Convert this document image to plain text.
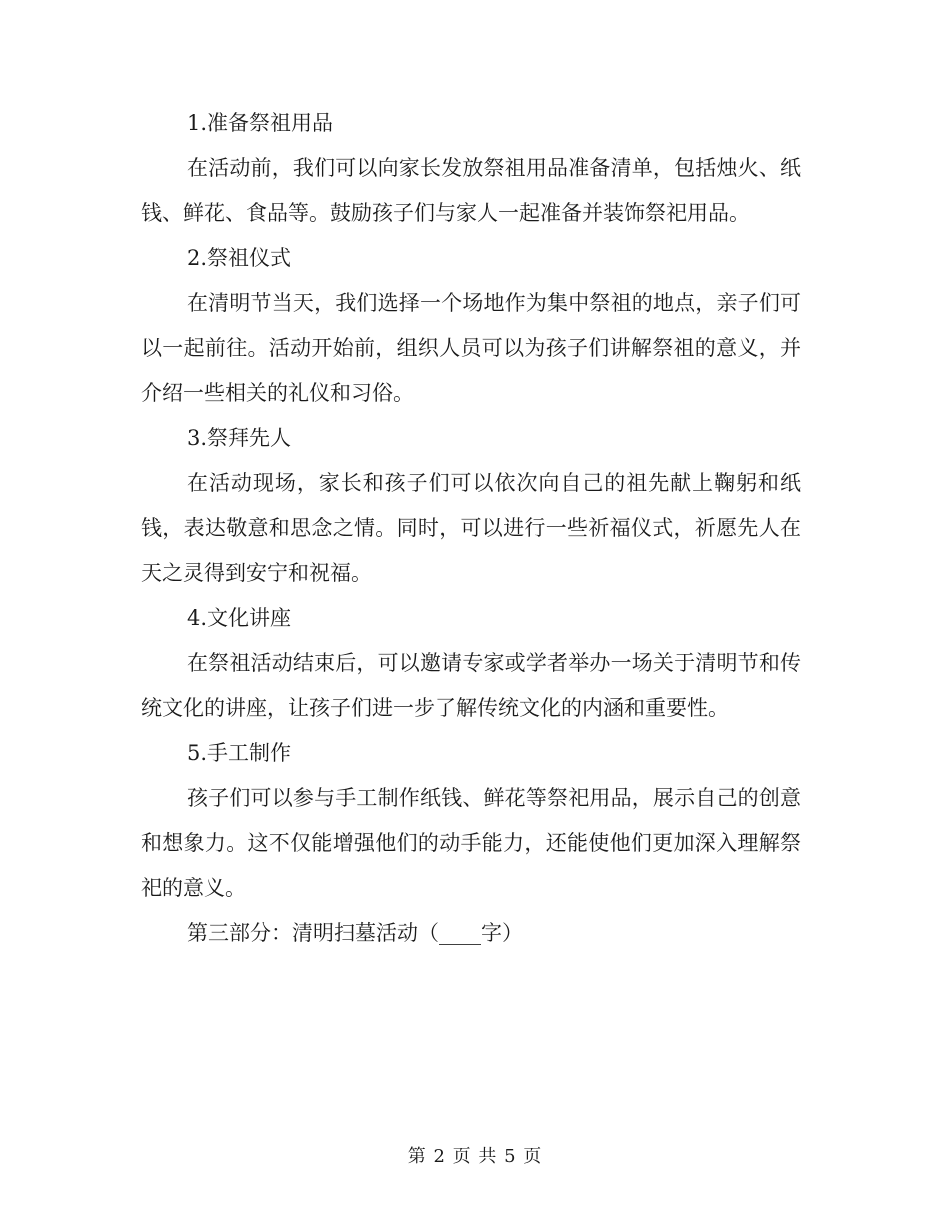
1.准备祭祖用品

在活动前，我们可以向家长发放祭祖用品准备清单，包括烛火、纸钱、鲜花、食品等。鼓励孩子们与家人一起准备并装饰祭祀用品。

2.祭祖仪式

在清明节当天，我们选择一个场地作为集中祭祖的地点，亲子们可以一起前往。活动开始前，组织人员可以为孩子们讲解祭祖的意义，并介绍一些相关的礼仪和习俗。

3.祭拜先人

在活动现场，家长和孩子们可以依次向自己的祖先献上鞠躬和纸钱，表达敬意和思念之情。同时，可以进行一些祈福仪式，祈愿先人在天之灵得到安宁和祝福。

4.文化讲座

在祭祖活动结束后，可以邀请专家或学者举办一场关于清明节和传统文化的讲座，让孩子们进一步了解传统文化的内涵和重要性。

5.手工制作

孩子们可以参与手工制作纸钱、鲜花等祭祀用品，展示自己的创意和想象力。这不仅能增强他们的动手能力，还能使他们更加深入理解祭祀的意义。

第三部分：清明扫墓活动（____字）

第 2 页 共 5 页
